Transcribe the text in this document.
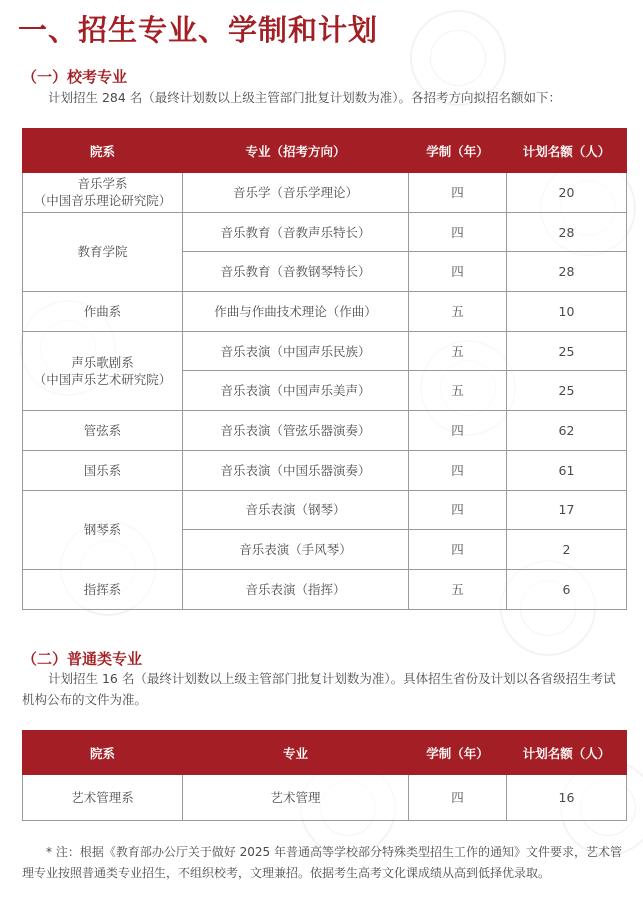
一、招生专业、学制和计划
（一）校考专业

计划招生 284 名（最终计划数以上级主管部门批复计划数为准）。各招考方向拟招名额如下：

院系	专业（招考方向）	学制（年）	计划名额（人）
音乐学系
（中国音乐理论研究院）	音乐学（音乐学理论）	四	20
教育学院	音乐教育（音教声乐特长）	四	28
	音乐教育（音教钢琴特长）	四	28
作曲系	作曲与作曲技术理论（作曲）	五	10
声乐歌剧系
（中国声乐艺术研究院）	音乐表演（中国声乐民族）	五	25
	音乐表演（中国声乐美声）	五	25
管弦系	音乐表演（管弦乐器演奏）	四	62
国乐系	音乐表演（中国乐器演奏）	四	61
钢琴系	音乐表演（钢琴）	四	17
	音乐表演（手风琴）	四	2
指挥系	音乐表演（指挥）	五	6
（二）普通类专业

计划招生 16 名（最终计划数以上级主管部门批复计划数为准）。具体招生省份及计划以各省级招生考试机构公布的文件为准。

院系	专业	学制（年）	计划名额（人）
艺术管理系	艺术管理	四	16

* 注：根据《教育部办公厅关于做好 2025 年普通高等学校部分特殊类型招生工作的通知》文件要求，艺术管理专业按照普通类专业招生，不组织校考，文理兼招。依据考生高考文化课成绩从高到低择优录取。
